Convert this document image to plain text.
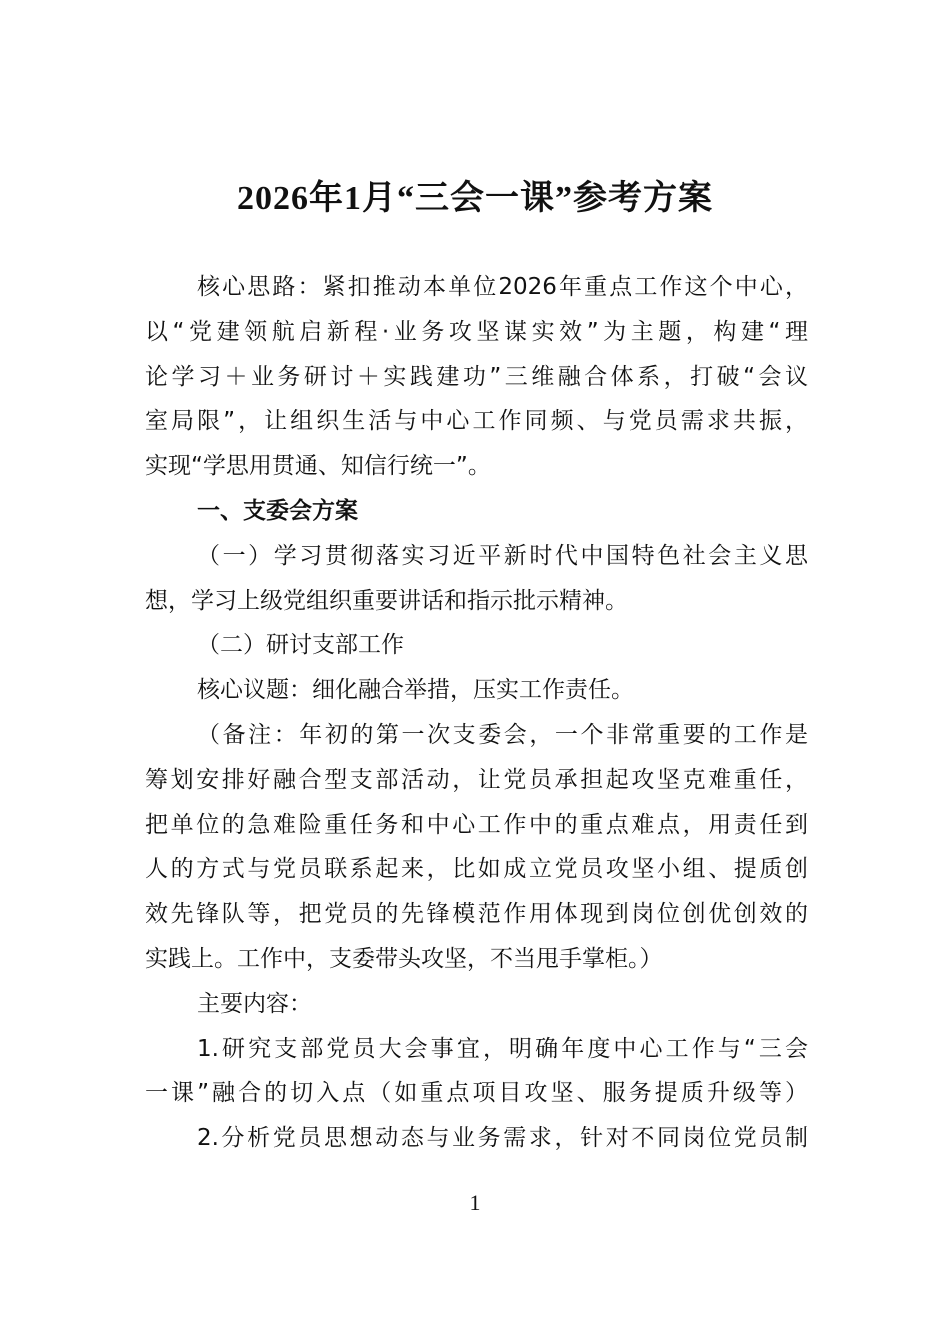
2026年1月“三会一课”参考方案
核心思路：紧扣推动本单位2026年重点工作这个中心，
以“党建领航启新程·业务攻坚谋实效”为主题，构建“理
论学习＋业务研讨＋实践建功”三维融合体系，打破“会议
室局限”，让组织生活与中心工作同频、与党员需求共振，
实现“学思用贯通、知信行统一”。
一、支委会方案
（一）学习贯彻落实习近平新时代中国特色社会主义思
想，学习上级党组织重要讲话和指示批示精神。
（二）研讨支部工作
核心议题：细化融合举措，压实工作责任。
（备注：年初的第一次支委会，一个非常重要的工作是
筹划安排好融合型支部活动，让党员承担起攻坚克难重任，
把单位的急难险重任务和中心工作中的重点难点，用责任到
人的方式与党员联系起来，比如成立党员攻坚小组、提质创
效先锋队等，把党员的先锋模范作用体现到岗位创优创效的
实践上。工作中，支委带头攻坚，不当甩手掌柜。）
主要内容：
1.研究支部党员大会事宜，明确年度中心工作与“三会
一课”融合的切入点（如重点项目攻坚、服务提质升级等）
2.分析党员思想动态与业务需求，针对不同岗位党员制
1
